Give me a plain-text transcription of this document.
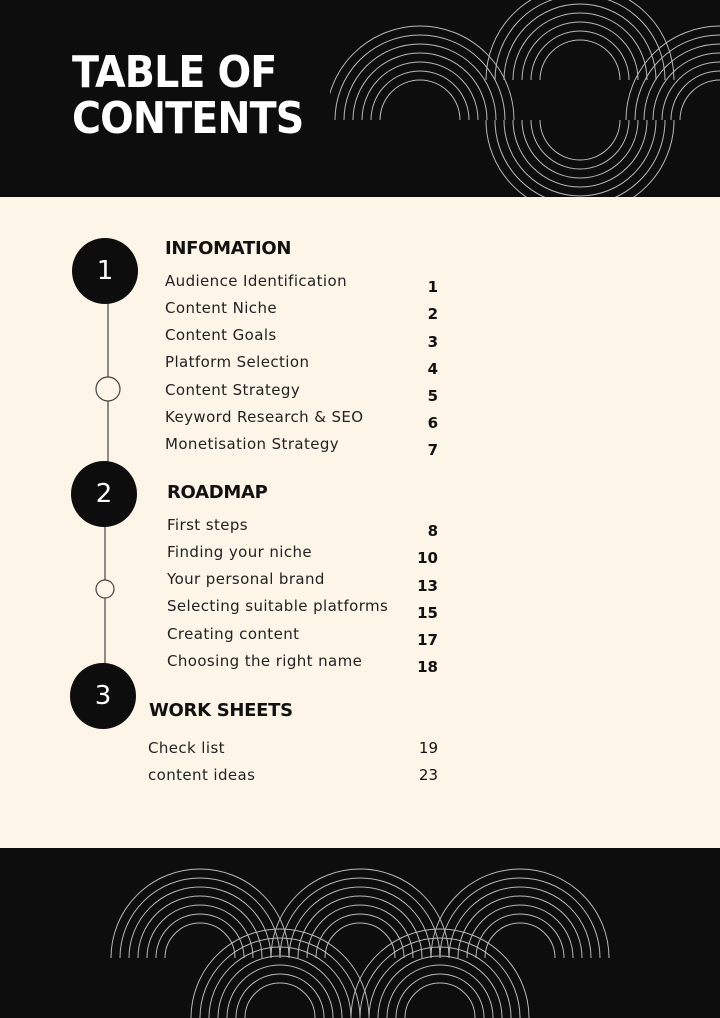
TABLE OF
CONTENTS
1
2
3
INFOMATION
ROADMAP
WORK SHEETS
Audience Identification	1
Content Niche	2
Content Goals	3
Platform Selection	4
Content Strategy	5
Keyword Research & SEO	6
Monetisation Strategy	7
First steps	8
Finding your niche	10
Your personal brand	13
Selecting suitable platforms	15
Creating content	17
Choosing the right name	18
Check list	19
content ideas	23
